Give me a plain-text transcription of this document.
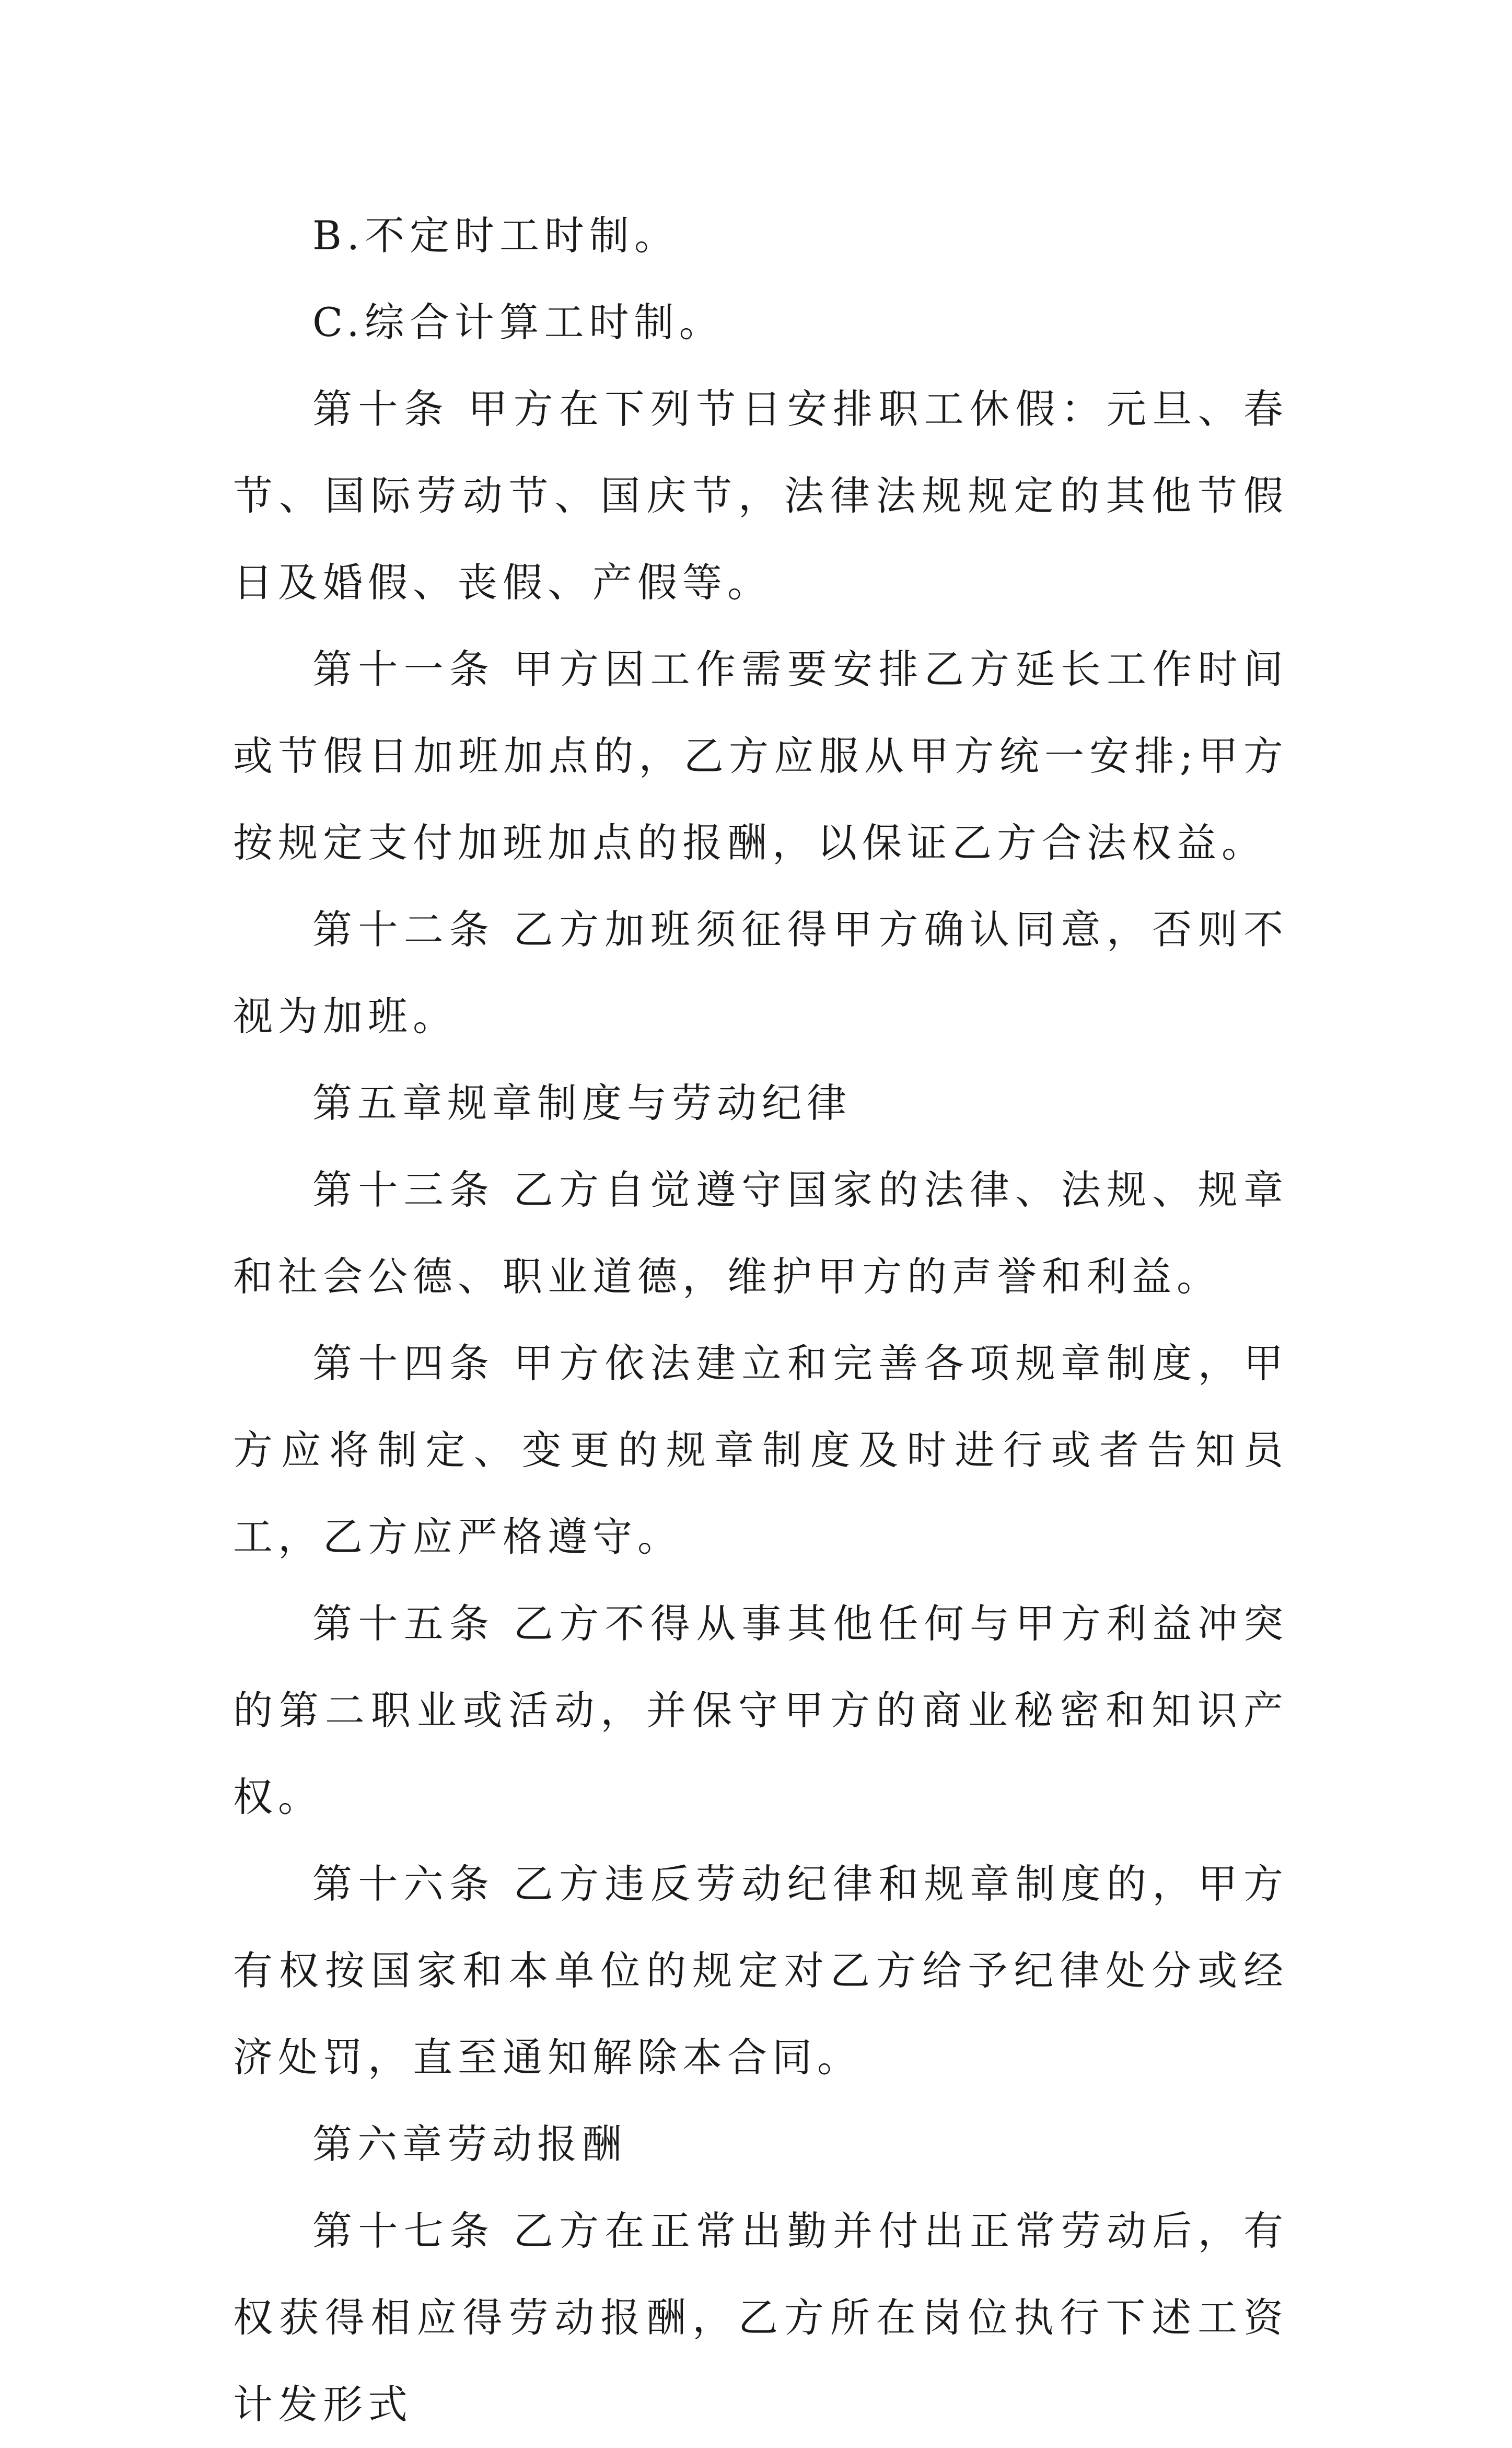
B.不定时工时制。

C.综合计算工时制。

第十条 甲方在下列节日安排职工休假：元旦、春节、国际劳动节、国庆节，法律法规规定的其他节假日及婚假、丧假、产假等。

第十一条 甲方因工作需要安排乙方延长工作时间或节假日加班加点的，乙方应服从甲方统一安排;甲方按规定支付加班加点的报酬，以保证乙方合法权益。

第十二条 乙方加班须征得甲方确认同意，否则不视为加班。

第五章规章制度与劳动纪律

第十三条 乙方自觉遵守国家的法律、法规、规章和社会公德、职业道德，维护甲方的声誉和利益。

第十四条 甲方依法建立和完善各项规章制度，甲方应将制定、变更的规章制度及时进行或者告知员工，乙方应严格遵守。

第十五条 乙方不得从事其他任何与甲方利益冲突的第二职业或活动，并保守甲方的商业秘密和知识产权。

第十六条 乙方违反劳动纪律和规章制度的，甲方有权按国家和本单位的规定对乙方给予纪律处分或经济处罚，直至通知解除本合同。

第六章劳动报酬

第十七条 乙方在正常出勤并付出正常劳动后，有权获得相应得劳动报酬，乙方所在岗位执行下述工资计发形式
